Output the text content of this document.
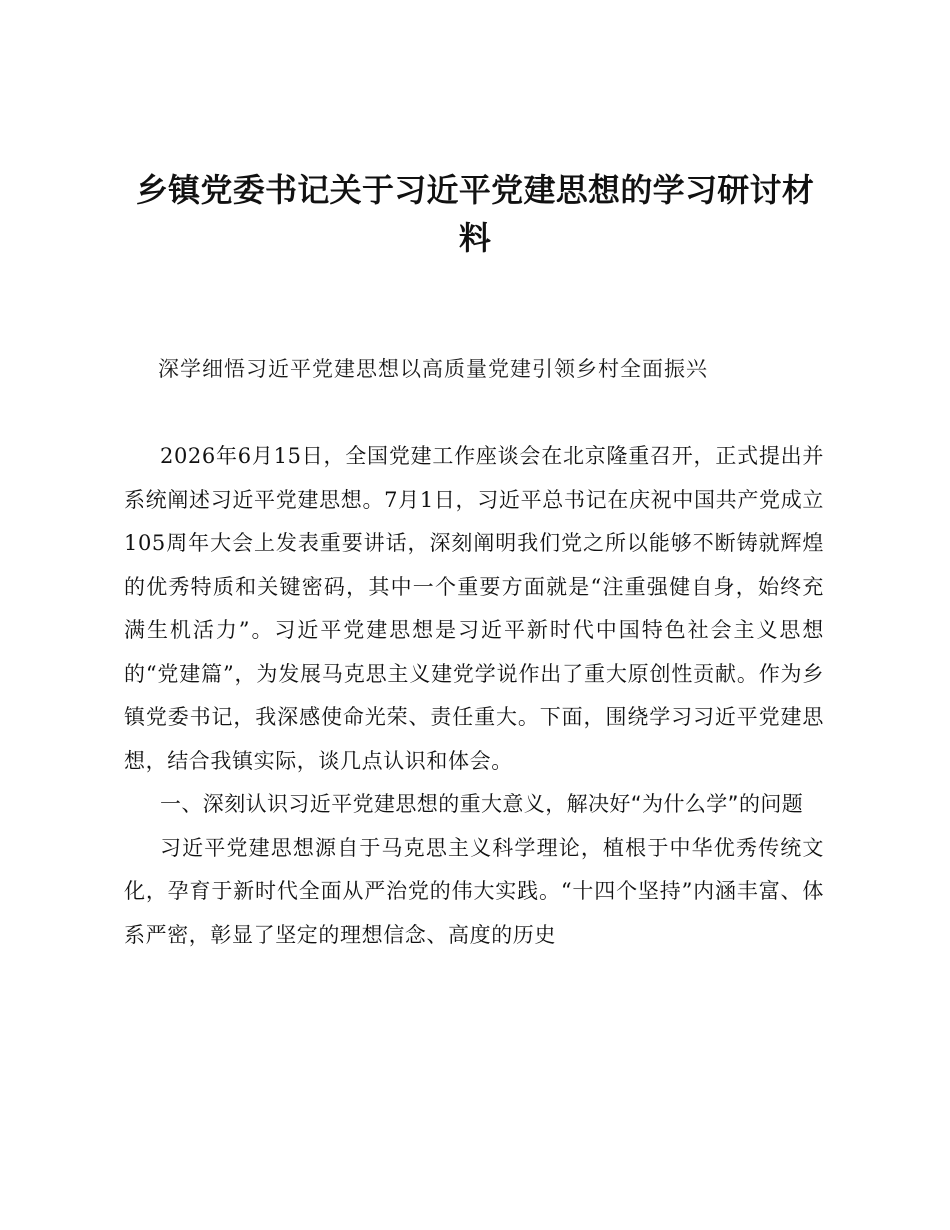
乡镇党委书记关于习近平党建思想的学习研讨材料

深学细悟习近平党建思想以高质量党建引领乡村全面振兴

2026年6月15日，全国党建工作座谈会在北京隆重召开，正式提出并系统阐述习近平党建思想。7月1日，习近平总书记在庆祝中国共产党成立105周年大会上发表重要讲话，深刻阐明我们党之所以能够不断铸就辉煌的优秀特质和关键密码，其中一个重要方面就是“注重强健自身，始终充满生机活力”。习近平党建思想是习近平新时代中国特色社会主义思想的“党建篇”，为发展马克思主义建党学说作出了重大原创性贡献。作为乡镇党委书记，我深感使命光荣、责任重大。下面，围绕学习习近平党建思想，结合我镇实际，谈几点认识和体会。

一、深刻认识习近平党建思想的重大意义，解决好“为什么学”的问题

习近平党建思想源自于马克思主义科学理论，植根于中华优秀传统文化，孕育于新时代全面从严治党的伟大实践。“十四个坚持”内涵丰富、体系严密，彰显了坚定的理想信念、高度的历史
